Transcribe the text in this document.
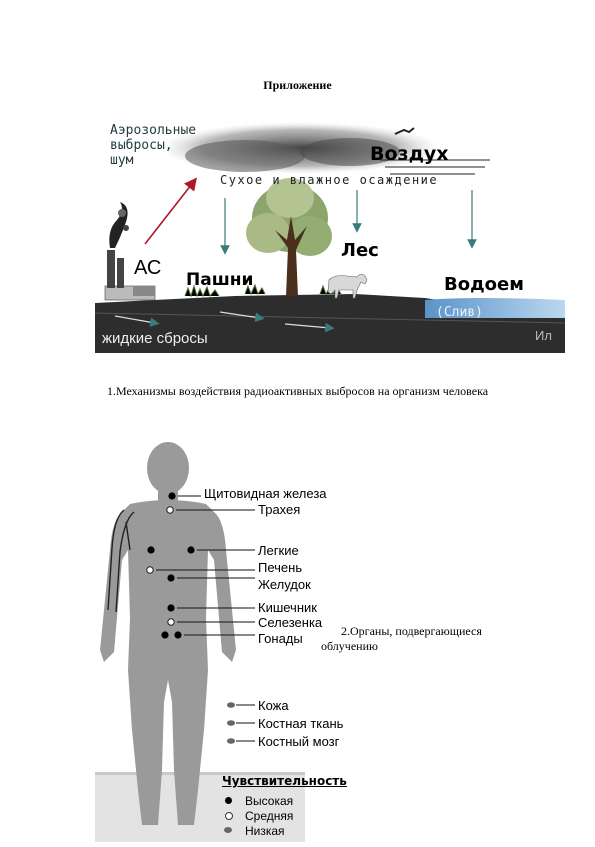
Приложение
Аэрозольные
выбросы,
шум	Воздух
Сухое и влажное осаждение
АС
Пашни
Лес
Водоем
(Слив)
Ил
жидкие сбросы
1.Механизмы воздействия радиоактивных выбросов на организм человека
Щитовидная железа
Трахея
Легкие
Печень
Желудок
Кишечник
Селезенка
Гонады
Кожа
Костная ткань
Костный мозг
2.Органы, подвергающиеся
облучению
Чувствительность
Высокая
Средняя
Низкая
